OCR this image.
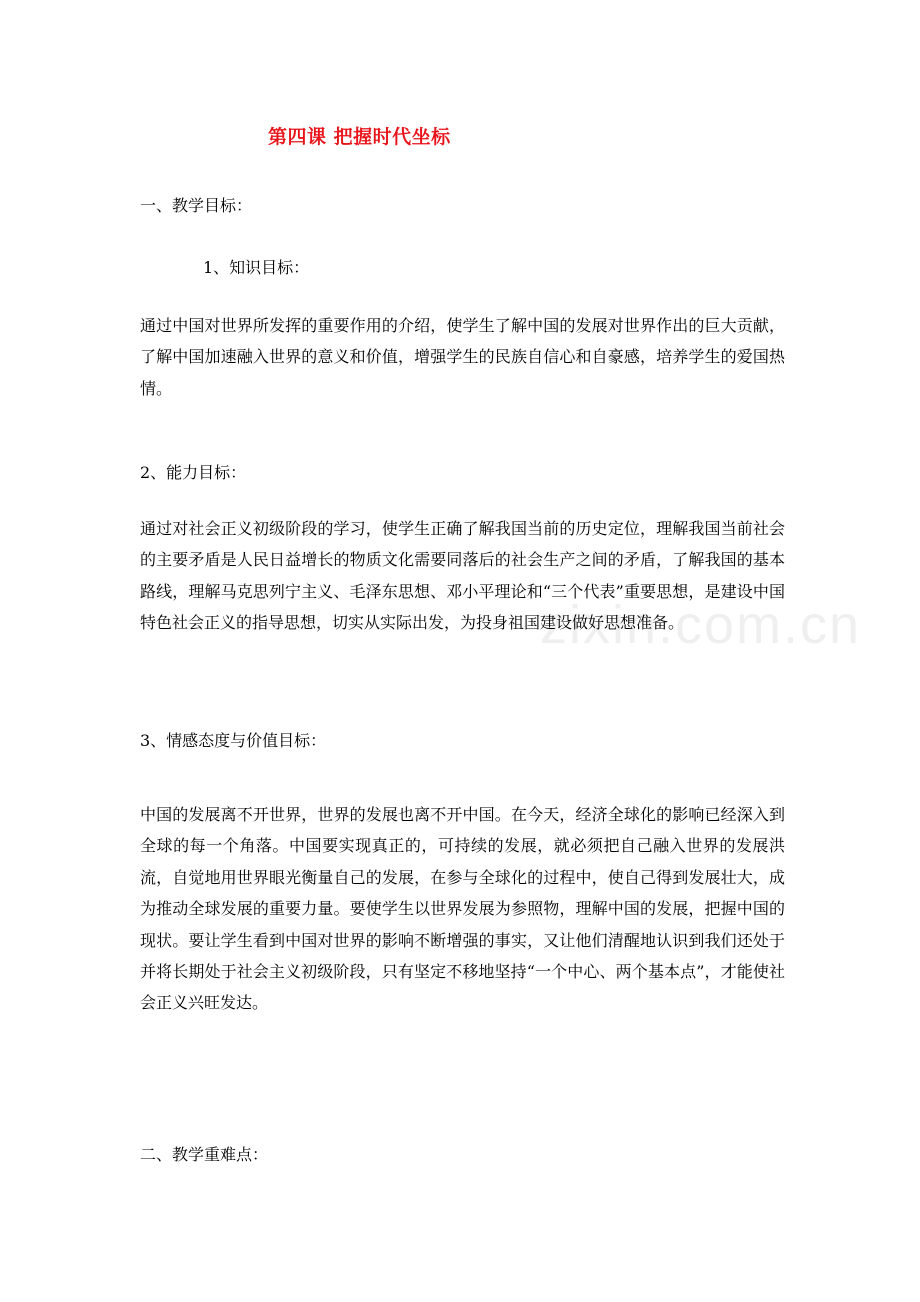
zixin.com.cn
第四课 把握时代坐标
一、教学目标：
1、知识目标：
通过中国对世界所发挥的重要作用的介绍，使学生了解中国的发展对世界作出的巨大贡献，了解中国加速融入世界的意义和价值，增强学生的民族自信心和自豪感，培养学生的爱国热情。
2、能力目标：
通过对社会正义初级阶段的学习，使学生正确了解我国当前的历史定位，理解我国当前社会的主要矛盾是人民日益增长的物质文化需要同落后的社会生产之间的矛盾，了解我国的基本路线，理解马克思列宁主义、毛泽东思想、邓小平理论和“三个代表”重要思想，是建设中国特色社会正义的指导思想，切实从实际出发，为投身祖国建设做好思想准备。
3、情感态度与价值目标：
中国的发展离不开世界，世界的发展也离不开中国。在今天，经济全球化的影响已经深入到全球的每一个角落。中国要实现真正的，可持续的发展，就必须把自己融入世界的发展洪流，自觉地用世界眼光衡量自己的发展，在参与全球化的过程中，使自己得到发展壮大，成为推动全球发展的重要力量。要使学生以世界发展为参照物，理解中国的发展，把握中国的现状。要让学生看到中国对世界的影响不断增强的事实，又让他们清醒地认识到我们还处于并将长期处于社会主义初级阶段，只有坚定不移地坚持“一个中心、两个基本点”，才能使社会正义兴旺发达。
二、教学重难点：
